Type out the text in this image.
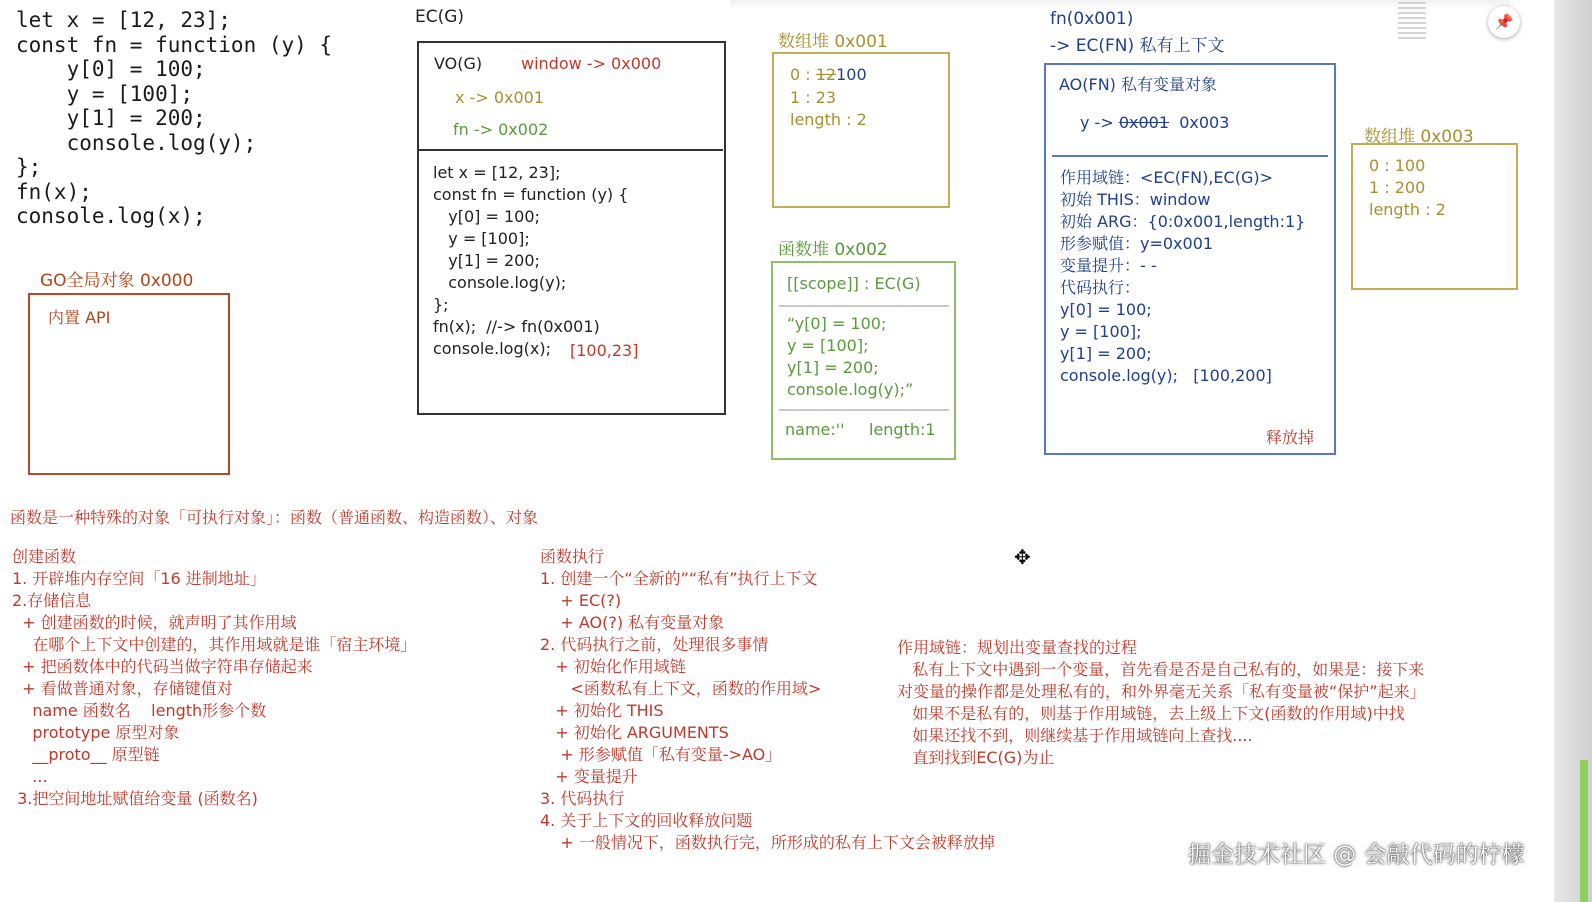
📌
let x = [12, 23];
const fn = function (y) {
y[0] = 100;
y = [100];
y[1] = 200;
console.log(y);
};
fn(x);
console.log(x);
GO全局对象 0x000
内置 API
EC(G)
VO(G) window -> 0x000
x -> 0x001
fn -> 0x002
let x = [12, 23];
const fn = function (y) {
y[0] = 100;
y = [100];
y[1] = 200;
console.log(y);
};
fn(x);  //-> fn(0x001)
console.log(x);	[100,23]
数组堆 0x001
0 : 12100
1 : 23
length : 2
函数堆 0x002
[[scope]] : EC(G)
“y[0] = 100;
y = [100];
y[1] = 200;
console.log(y);”
name:'' length:1
fn(0x001)
-> EC(FN) 私有上下文
AO(FN) 私有变量对象
y -> 0x001 0x003
作用域链：<EC(FN),EC(G)>
初始 THIS：window
初始 ARG：{0:0x001,length:1}
形参赋值：y=0x001
变量提升：- -
代码执行：
y[0] = 100;
y = [100];
y[1] = 200;
console.log(y); [100,200]
释放掉
数组堆 0x003
0 : 100
1 : 200
length : 2
函数是一种特殊的对象「可执行对象」：函数（普通函数、构造函数）、对象
创建函数
1. 开辟堆内存空间「16 进制地址」
2.存储信息
+ 创建函数的时候，就声明了其作用域
在哪个上下文中创建的，其作用域就是谁「宿主环境」
+ 把函数体中的代码当做字符串存储起来
+ 看做普通对象，存储键值对
name 函数名    length形参个数
prototype 原型对象
__proto__ 原型链
...
3.把空间地址赋值给变量 (函数名)
函数执行
1. 创建一个“全新的”“私有”执行上下文
+ EC(?)
+ AO(?) 私有变量对象
2. 代码执行之前，处理很多事情
+ 初始化作用域链
<函数私有上下文，函数的作用域>
+ 初始化 THIS
+ 初始化 ARGUMENTS
+ 形参赋值「私有变量->AO」
+ 变量提升
3. 代码执行
4. 关于上下文的回收释放问题
+ 一般情况下，函数执行完，所形成的私有上下文会被释放掉
作用域链：规划出变量查找的过程
私有上下文中遇到一个变量，首先看是否是自己私有的，如果是：接下来
对变量的操作都是处理私有的，和外界毫无关系「私有变量被“保护”起来」
如果不是私有的，则基于作用域链，去上级上下文(函数的作用域)中找
如果还找不到，则继续基于作用域链向上查找....
直到找到EC(G)为止
✥
掘金技术社区 @ 会敲代码的柠檬
